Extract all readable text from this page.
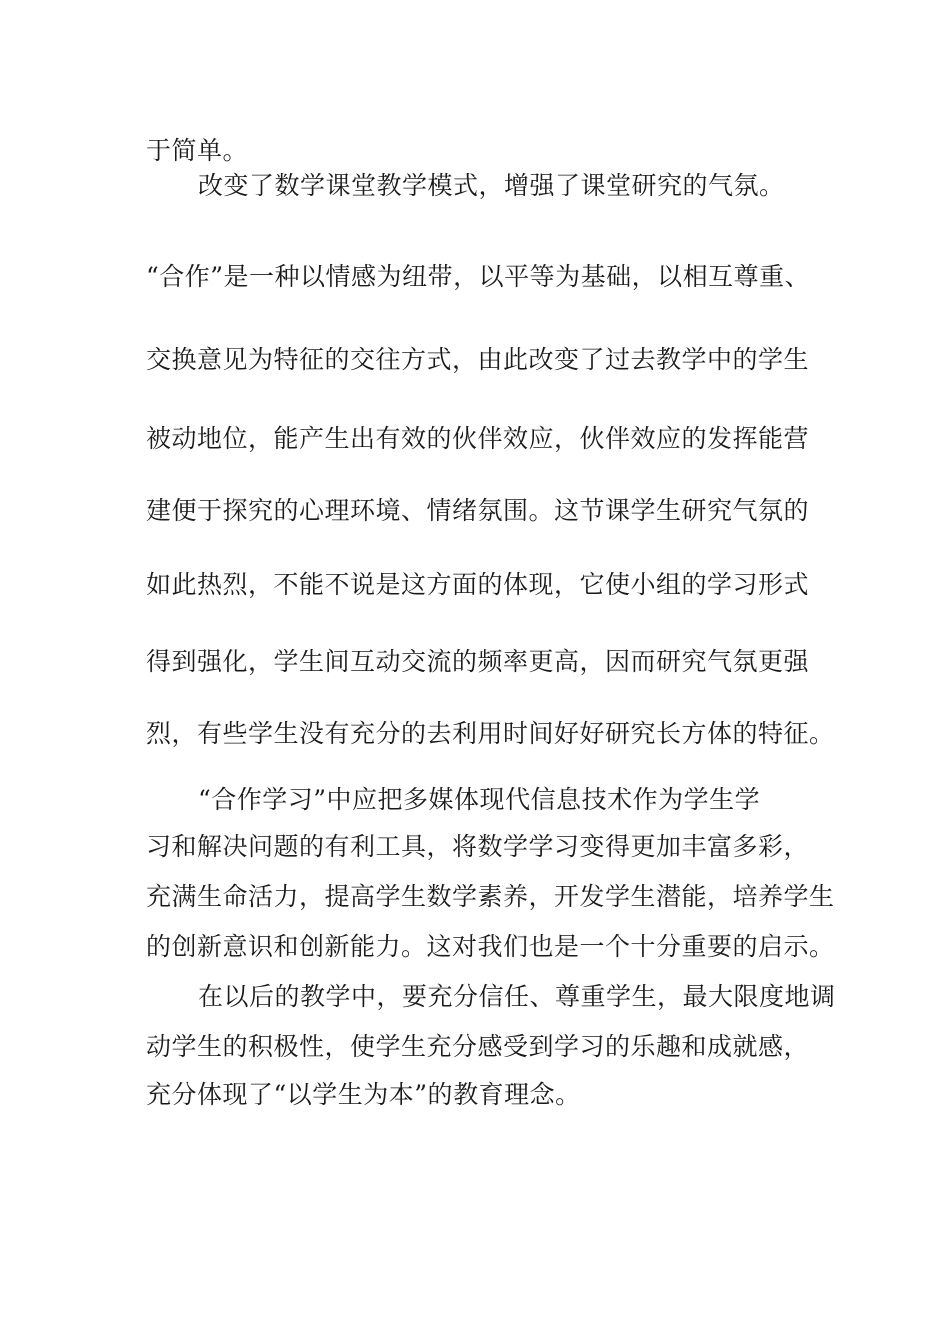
于简单。
改变了数学课堂教学模式，增强了课堂研究的气氛。
“合作”是一种以情感为纽带，以平等为基础，以相互尊重、
交换意见为特征的交往方式，由此改变了过去教学中的学生
被动地位，能产生出有效的伙伴效应，伙伴效应的发挥能营
建便于探究的心理环境、情绪氛围。这节课学生研究气氛的
如此热烈，不能不说是这方面的体现，它使小组的学习形式
得到强化，学生间互动交流的频率更高，因而研究气氛更强
烈，有些学生没有充分的去利用时间好好研究长方体的特征。
“合作学习”中应把多媒体现代信息技术作为学生学
习和解决问题的有利工具，将数学学习变得更加丰富多彩，
充满生命活力，提高学生数学素养，开发学生潜能，培养学生
的创新意识和创新能力。这对我们也是一个十分重要的启示。
在以后的教学中，要充分信任、尊重学生，最大限度地调
动学生的积极性，使学生充分感受到学习的乐趣和成就感，
充分体现了“以学生为本”的教育理念。
